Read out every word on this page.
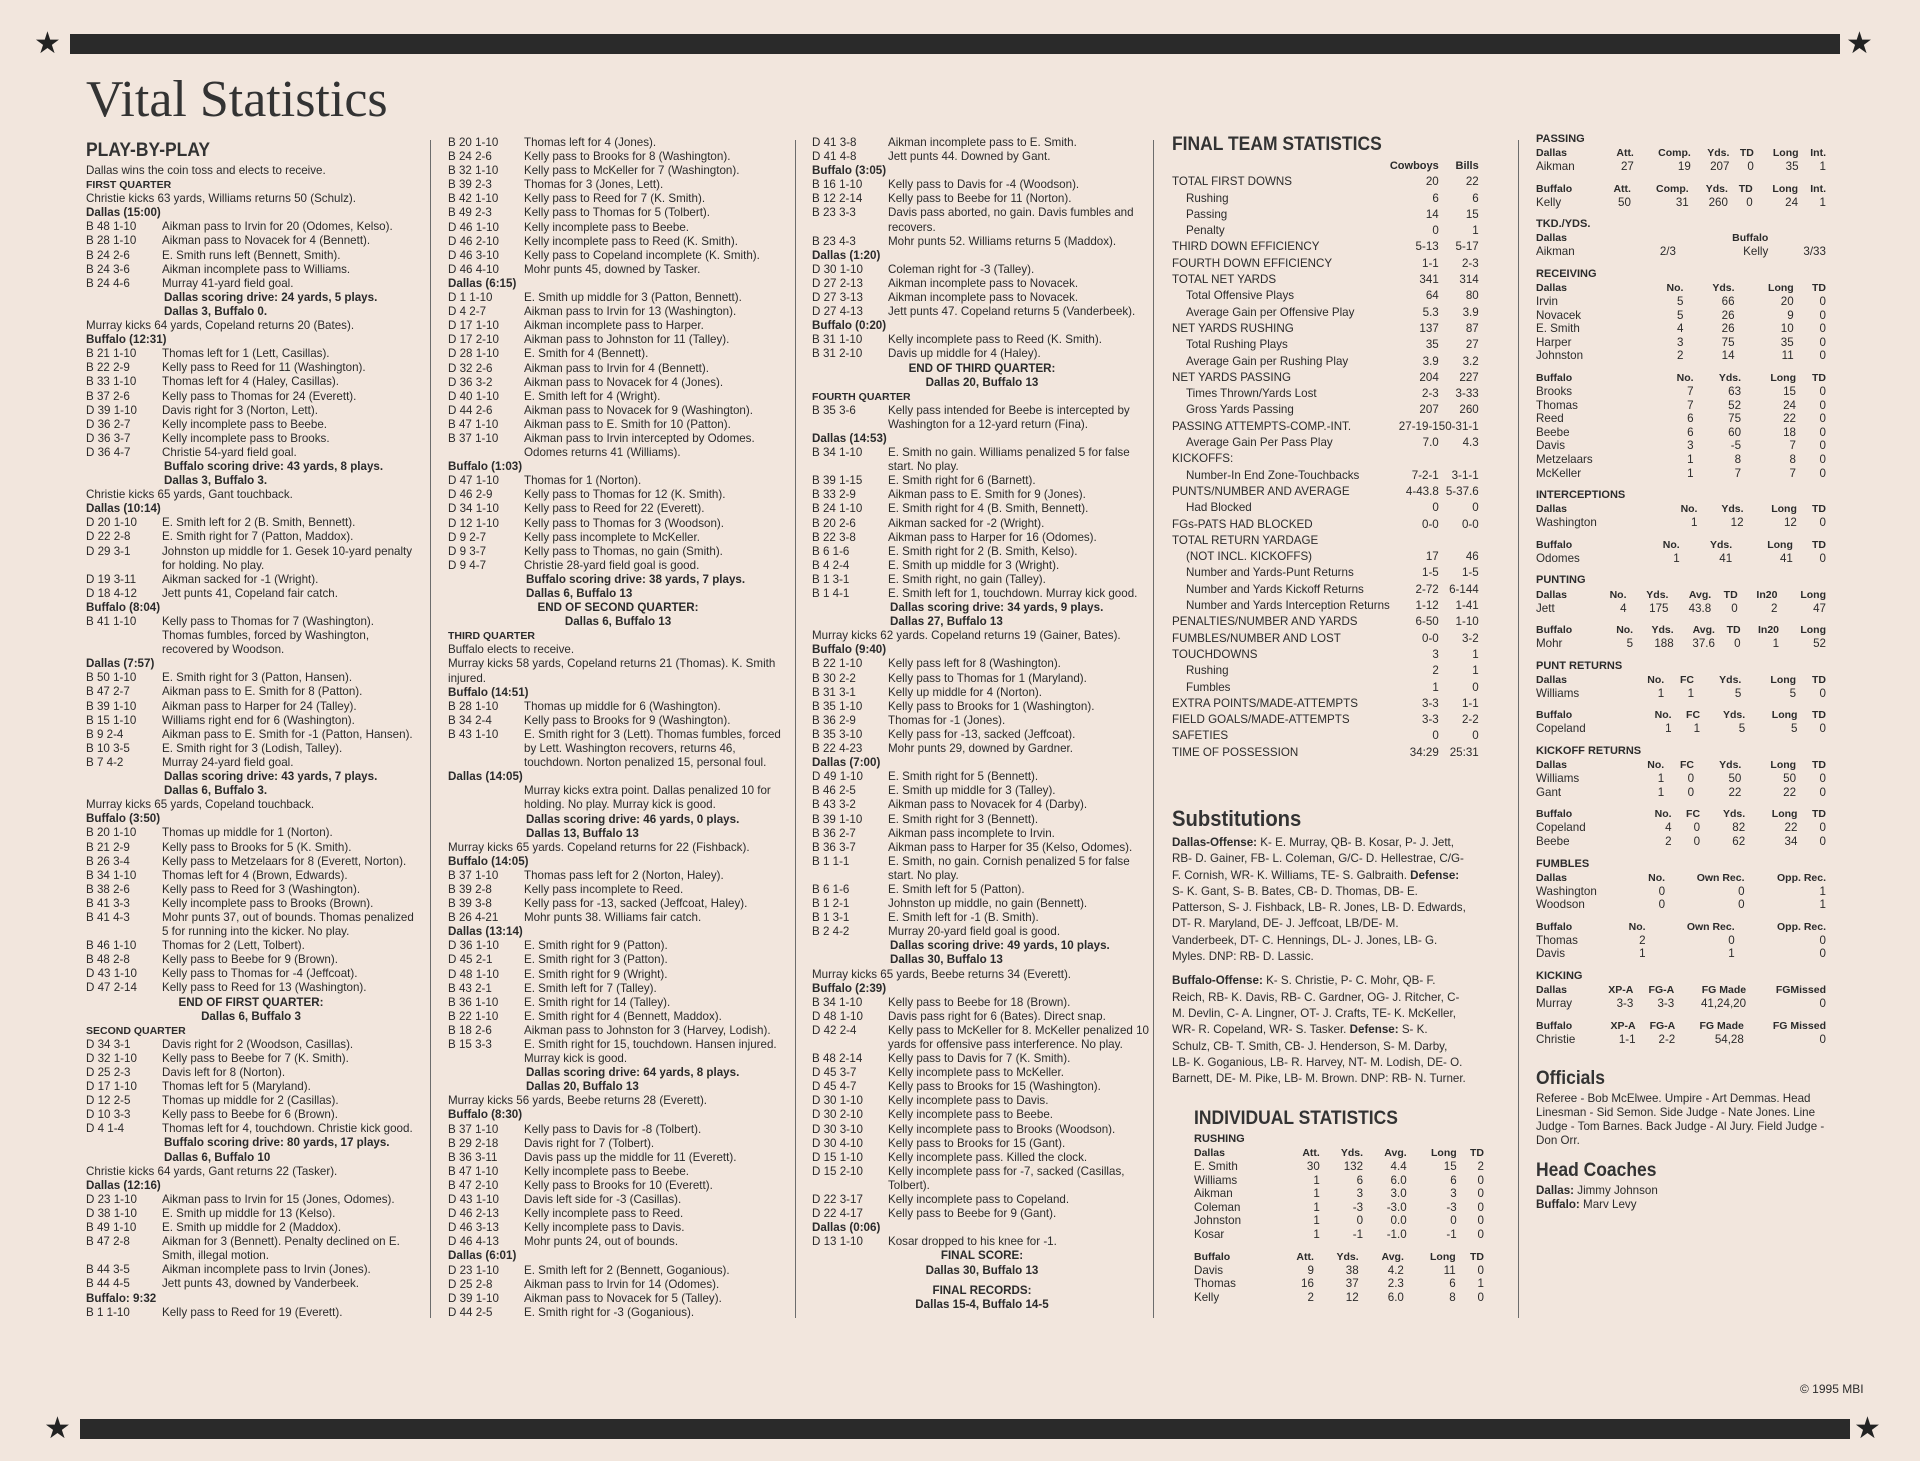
★	★
★	★
Vital Statistics
PLAY-BY-PLAY
Dallas wins the coin toss and elects to receive.
FIRST QUARTER
Christie kicks 63 yards, Williams returns 50 (Schulz).
Dallas (15:00)
B 48 1-10	Aikman pass to Irvin for 20 (Odomes, Kelso).
B 28 1-10	Aikman pass to Novacek for 4 (Bennett).
B 24 2-6	E. Smith runs left (Bennett, Smith).
B 24 3-6	Aikman incomplete pass to Williams.
B 24 4-6	Murray 41-yard field goal.
Dallas scoring drive: 24 yards, 5 plays.
Dallas 3, Buffalo 0.
Murray kicks 64 yards, Copeland returns 20 (Bates).
Buffalo (12:31)
B 21 1-10	Thomas left for 1 (Lett, Casillas).
B 22 2-9	Kelly pass to Reed for 11 (Washington).
B 33 1-10	Thomas left for 4 (Haley, Casillas).
B 37 2-6	Kelly pass to Thomas for 24 (Everett).
D 39 1-10	Davis right for 3 (Norton, Lett).
D 36 2-7	Kelly incomplete pass to Beebe.
D 36 3-7	Kelly incomplete pass to Brooks.
D 36 4-7	Christie 54-yard field goal.
Buffalo scoring drive: 43 yards, 8 plays.
Dallas 3, Buffalo 3.
Christie kicks 65 yards, Gant touchback.
Dallas (10:14)
D 20 1-10	E. Smith left for 2 (B. Smith, Bennett).
D 22 2-8	E. Smith right for 7 (Patton, Maddox).
D 29 3-1	Johnston up middle for 1. Gesek 10-yard penalty for holding. No play.
D 19 3-11	Aikman sacked for -1 (Wright).
D 18 4-12	Jett punts 41, Copeland fair catch.
Buffalo (8:04)
B 41 1-10	Kelly pass to Thomas for 7 (Washington). Thomas fumbles, forced by Washington, recovered by Woodson.
Dallas (7:57)
B 50 1-10	E. Smith right for 3 (Patton, Hansen).
B 47 2-7	Aikman pass to E. Smith for 8 (Patton).
B 39 1-10	Aikman pass to Harper for 24 (Talley).
B 15 1-10	Williams right end for 6 (Washington).
B 9 2-4	Aikman pass to E. Smith for -1 (Patton, Hansen).
B 10 3-5	E. Smith right for 3 (Lodish, Talley).
B 7 4-2	Murray 24-yard field goal.
Dallas scoring drive: 43 yards, 7 plays.
Dallas 6, Buffalo 3.
Murray kicks 65 yards, Copeland touchback.
Buffalo (3:50)
B 20 1-10	Thomas up middle for 1 (Norton).
B 21 2-9	Kelly pass to Brooks for 5 (K. Smith).
B 26 3-4	Kelly pass to Metzelaars for 8 (Everett, Norton).
B 34 1-10	Thomas left for 4 (Brown, Edwards).
B 38 2-6	Kelly pass to Reed for 3 (Washington).
B 41 3-3	Kelly incomplete pass to Brooks (Brown).
B 41 4-3	Mohr punts 37, out of bounds. Thomas penalized 5 for running into the kicker. No play.
B 46 1-10	Thomas for 2 (Lett, Tolbert).
B 48 2-8	Kelly pass to Beebe for 9 (Brown).
D 43 1-10	Kelly pass to Thomas for -4 (Jeffcoat).
D 47 2-14	Kelly pass to Reed for 13 (Washington).
END OF FIRST QUARTER:
Dallas 6, Buffalo 3
SECOND QUARTER
D 34 3-1	Davis right for 2 (Woodson, Casillas).
D 32 1-10	Kelly pass to Beebe for 7 (K. Smith).
D 25 2-3	Davis left for 8 (Norton).
D 17 1-10	Thomas left for 5 (Maryland).
D 12 2-5	Thomas up middle for 2 (Casillas).
D 10 3-3	Kelly pass to Beebe for 6 (Brown).
D 4 1-4	Thomas left for 4, touchdown. Christie kick good.
Buffalo scoring drive: 80 yards, 17 plays.
Dallas 6, Buffalo 10
Christie kicks 64 yards, Gant returns 22 (Tasker).
Dallas (12:16)
D 23 1-10	Aikman pass to Irvin for 15 (Jones, Odomes).
D 38 1-10	E. Smith up middle for 13 (Kelso).
B 49 1-10	E. Smith up middle for 2 (Maddox).
B 47 2-8	Aikman for 3 (Bennett). Penalty declined on E. Smith, illegal motion.
B 44 3-5	Aikman incomplete pass to Irvin (Jones).
B 44 4-5	Jett punts 43, downed by Vanderbeek.
Buffalo: 9:32
B 1 1-10	Kelly pass to Reed for 19 (Everett).
B 20 1-10	Thomas left for 4 (Jones).
B 24 2-6	Kelly pass to Brooks for 8 (Washington).
B 32 1-10	Kelly pass to McKeller for 7 (Washington).
B 39 2-3	Thomas for 3 (Jones, Lett).
B 42 1-10	Kelly pass to Reed for 7 (K. Smith).
B 49 2-3	Kelly pass to Thomas for 5 (Tolbert).
D 46 1-10	Kelly incomplete pass to Beebe.
D 46 2-10	Kelly incomplete pass to Reed (K. Smith).
D 46 3-10	Kelly pass to Copeland incomplete (K. Smith).
D 46 4-10	Mohr punts 45, downed by Tasker.
Dallas (6:15)
D 1 1-10	E. Smith up middle for 3 (Patton, Bennett).
D 4 2-7	Aikman pass to Irvin for 13 (Washington).
D 17 1-10	Aikman incomplete pass to Harper.
D 17 2-10	Aikman pass to Johnston for 11 (Talley).
D 28 1-10	E. Smith for 4 (Bennett).
D 32 2-6	Aikman pass to Irvin for 4 (Bennett).
D 36 3-2	Aikman pass to Novacek for 4 (Jones).
D 40 1-10	E. Smith left for 4 (Wright).
D 44 2-6	Aikman pass to Novacek for 9 (Washington).
B 47 1-10	Aikman pass to E. Smith for 10 (Patton).
B 37 1-10	Aikman pass to Irvin intercepted by Odomes. Odomes returns 41 (Williams).
Buffalo (1:03)
D 47 1-10	Thomas for 1 (Norton).
D 46 2-9	Kelly pass to Thomas for 12 (K. Smith).
D 34 1-10	Kelly pass to Reed for 22 (Everett).
D 12 1-10	Kelly pass to Thomas for 3 (Woodson).
D 9 2-7	Kelly pass incomplete to McKeller.
D 9 3-7	Kelly pass to Thomas, no gain (Smith).
D 9 4-7	Christie 28-yard field goal is good.
Buffalo scoring drive: 38 yards, 7 plays.
Dallas 6, Buffalo 13
END OF SECOND QUARTER:
Dallas 6, Buffalo 13
THIRD QUARTER
Buffalo elects to receive.
Murray kicks 58 yards, Copeland returns 21 (Thomas). K. Smith injured.
Buffalo (14:51)
B 28 1-10	Thomas up middle for 6 (Washington).
B 34 2-4	Kelly pass to Brooks for 9 (Washington).
B 43 1-10	E. Smith right for 3 (Lett). Thomas fumbles, forced by Lett. Washington recovers, returns 46, touchdown. Norton penalized 15, personal foul.
Dallas (14:05)
Murray kicks extra point. Dallas penalized 10 for holding. No play. Murray kick is good.
Dallas scoring drive: 46 yards, 0 plays.
Dallas 13, Buffalo 13
Murray kicks 65 yards. Copeland returns for 22 (Fishback).
Buffalo (14:05)
B 37 1-10	Thomas pass left for 2 (Norton, Haley).
B 39 2-8	Kelly pass incomplete to Reed.
B 39 3-8	Kelly pass for -13, sacked (Jeffcoat, Haley).
B 26 4-21	Mohr punts 38. Williams fair catch.
Dallas (13:14)
D 36 1-10	E. Smith right for 9 (Patton).
D 45 2-1	E. Smith right for 3 (Patton).
D 48 1-10	E. Smith right for 9 (Wright).
B 43 2-1	E. Smith left for 7 (Talley).
B 36 1-10	E. Smith right for 14 (Talley).
B 22 1-10	E. Smith right for 4 (Bennett, Maddox).
B 18 2-6	Aikman pass to Johnston for 3 (Harvey, Lodish).
B 15 3-3	E. Smith right for 15, touchdown. Hansen injured. Murray kick is good.
Dallas scoring drive: 64 yards, 8 plays.
Dallas 20, Buffalo 13
Murray kicks 56 yards, Beebe returns 28 (Everett).
Buffalo (8:30)
B 37 1-10	Kelly pass to Davis for -8 (Tolbert).
B 29 2-18	Davis right for 7 (Tolbert).
B 36 3-11	Davis pass up the middle for 11 (Everett).
B 47 1-10	Kelly incomplete pass to Beebe.
B 47 2-10	Kelly pass to Brooks for 10 (Everett).
D 43 1-10	Davis left side for -3 (Casillas).
D 46 2-13	Kelly incomplete pass to Reed.
D 46 3-13	Kelly incomplete pass to Davis.
D 46 4-13	Mohr punts 24, out of bounds.
Dallas (6:01)
D 23 1-10	E. Smith left for 2 (Bennett, Goganious).
D 25 2-8	Aikman pass to Irvin for 14 (Odomes).
D 39 1-10	Aikman pass to Novacek for 5 (Talley).
D 44 2-5	E. Smith right for -3 (Goganious).
D 41 3-8	Aikman incomplete pass to E. Smith.
D 41 4-8	Jett punts 44. Downed by Gant.
Buffalo (3:05)
B 16 1-10	Kelly pass to Davis for -4 (Woodson).
B 12 2-14	Kelly pass to Beebe for 11 (Norton).
B 23 3-3	Davis pass aborted, no gain. Davis fumbles and recovers.
B 23 4-3	Mohr punts 52. Williams returns 5 (Maddox).
Dallas (1:20)
D 30 1-10	Coleman right for -3 (Talley).
D 27 2-13	Aikman incomplete pass to Novacek.
D 27 3-13	Aikman incomplete pass to Novacek.
D 27 4-13	Jett punts 47. Copeland returns 5 (Vanderbeek).
Buffalo (0:20)
B 31 1-10	Kelly incomplete pass to Reed (K. Smith).
B 31 2-10	Davis up middle for 4 (Haley).
END OF THIRD QUARTER:
Dallas 20, Buffalo 13
FOURTH QUARTER
B 35 3-6	Kelly pass intended for Beebe is intercepted by Washington for a 12-yard return (Fina).
Dallas (14:53)
B 34 1-10	E. Smith no gain. Williams penalized 5 for false start. No play.
B 39 1-15	E. Smith right for 6 (Barnett).
B 33 2-9	Aikman pass to E. Smith for 9 (Jones).
B 24 1-10	E. Smith right for 4 (B. Smith, Bennett).
B 20 2-6	Aikman sacked for -2 (Wright).
B 22 3-8	Aikman pass to Harper for 16 (Odomes).
B 6 1-6	E. Smith right for 2 (B. Smith, Kelso).
B 4 2-4	E. Smith up middle for 3 (Wright).
B 1 3-1	E. Smith right, no gain (Talley).
B 1 4-1	E. Smith left for 1, touchdown. Murray kick good.
Dallas scoring drive: 34 yards, 9 plays.
Dallas 27, Buffalo 13
Murray kicks 62 yards. Copeland returns 19 (Gainer, Bates).
Buffalo (9:40)
B 22 1-10	Kelly pass left for 8 (Washington).
B 30 2-2	Kelly pass to Thomas for 1 (Maryland).
B 31 3-1	Kelly up middle for 4 (Norton).
B 35 1-10	Kelly pass to Brooks for 1 (Washington).
B 36 2-9	Thomas for -1 (Jones).
B 35 3-10	Kelly pass for -13, sacked (Jeffcoat).
B 22 4-23	Mohr punts 29, downed by Gardner.
Dallas (7:00)
D 49 1-10	E. Smith right for 5 (Bennett).
B 46 2-5	E. Smith up middle for 3 (Talley).
B 43 3-2	Aikman pass to Novacek for 4 (Darby).
B 39 1-10	E. Smith right for 3 (Bennett).
B 36 2-7	Aikman pass incomplete to Irvin.
B 36 3-7	Aikman pass to Harper for 35 (Kelso, Odomes).
B 1 1-1	E. Smith, no gain. Cornish penalized 5 for false start. No play.
B 6 1-6	E. Smith left for 5 (Patton).
B 1 2-1	Johnston up middle, no gain (Bennett).
B 1 3-1	E. Smith left for -1 (B. Smith).
B 2 4-2	Murray 20-yard field goal is good.
Dallas scoring drive: 49 yards, 10 plays.
Dallas 30, Buffalo 13
Murray kicks 65 yards, Beebe returns 34 (Everett).
Buffalo (2:39)
B 34 1-10	Kelly pass to Beebe for 18 (Brown).
D 48 1-10	Davis pass right for 6 (Bates). Direct snap.
D 42 2-4	Kelly pass to McKeller for 8. McKeller penalized 10 yards for offensive pass interference. No play.
B 48 2-14	Kelly pass to Davis for 7 (K. Smith).
D 45 3-7	Kelly incomplete pass to McKeller.
D 45 4-7	Kelly pass to Brooks for 15 (Washington).
D 30 1-10	Kelly incomplete pass to Davis.
D 30 2-10	Kelly incomplete pass to Beebe.
D 30 3-10	Kelly incomplete pass to Brooks (Woodson).
D 30 4-10	Kelly pass to Brooks for 15 (Gant).
D 15 1-10	Kelly incomplete pass. Killed the clock.
D 15 2-10	Kelly incomplete pass for -7, sacked (Casillas, Tolbert).
D 22 3-17	Kelly incomplete pass to Copeland.
D 22 4-17	Kelly pass to Beebe for 9 (Gant).
Dallas (0:06)
D 13 1-10	Kosar dropped to his knee for -1.
FINAL SCORE:
Dallas 30, Buffalo 13
FINAL RECORDS:
Dallas 15-4, Buffalo 14-5
FINAL TEAM STATISTICS
	Cowboys	Bills
TOTAL FIRST DOWNS	20	22
Rushing	6	6
Passing	14	15
Penalty	0	1
THIRD DOWN EFFICIENCY	5-13	5-17
FOURTH DOWN EFFICIENCY	1-1	2-3
TOTAL NET YARDS	341	314
Total Offensive Plays	64	80
Average Gain per Offensive Play	5.3	3.9
NET YARDS RUSHING	137	87
Total Rushing Plays	35	27
Average Gain per Rushing Play	3.9	3.2
NET YARDS PASSING	204	227
Times Thrown/Yards Lost	2-3	3-33
Gross Yards Passing	207	260
PASSING ATTEMPTS-COMP.-INT.	27-19-1	50-31-1
Average Gain Per Pass Play	7.0	4.3
KICKOFFS:		
Number-In End Zone-Touchbacks	7-2-1	3-1-1
PUNTS/NUMBER AND AVERAGE	4-43.8	5-37.6
Had Blocked	0	0
FGs-PATS HAD BLOCKED	0-0	0-0
TOTAL RETURN YARDAGE		
(NOT INCL. KICKOFFS)	17	46
Number and Yards-Punt Returns	1-5	1-5
Number and Yards Kickoff Returns	2-72	6-144
Number and Yards Interception Returns	1-12	1-41
PENALTIES/NUMBER AND YARDS	6-50	1-10
FUMBLES/NUMBER AND LOST	0-0	3-2
TOUCHDOWNS	3	1
Rushing	2	1
Fumbles	1	0
EXTRA POINTS/MADE-ATTEMPTS	3-3	1-1
FIELD GOALS/MADE-ATTEMPTS	3-3	2-2
SAFETIES	0	0
TIME OF POSSESSION	34:29	25:31
Substitutions
Dallas-Offense: K- E. Murray, QB- B. Kosar, P- J. Jett, RB- D. Gainer, FB- L. Coleman, G/C- D. Hellestrae, C/G- F. Cornish, WR- K. Williams, TE- S. Galbraith. Defense: S- K. Gant, S- B. Bates, CB- D. Thomas, DB- E. Patterson, S- J. Fishback, LB- R. Jones, LB- D. Edwards, DT- R. Maryland, DE- J. Jeffcoat, LB/DE- M. Vanderbeek, DT- C. Hennings, DL- J. Jones, LB- G. Myles. DNP: RB- D. Lassic.
Buffalo-Offense: K- S. Christie, P- C. Mohr, QB- F. Reich, RB- K. Davis, RB- C. Gardner, OG- J. Ritcher, C- M. Devlin, C- A. Lingner, OT- J. Crafts, TE- K. McKeller, WR- R. Copeland, WR- S. Tasker. Defense: S- K. Schulz, CB- T. Smith, CB- J. Henderson, S- M. Darby, LB- K. Goganious, LB- R. Harvey, NT- M. Lodish, DE- O. Barnett, DE- M. Pike, LB- M. Brown. DNP: RB- N. Turner.
INDIVIDUAL STATISTICS
RUSHING
Dallas	Att.	Yds.	Avg.	Long	TD
E. Smith	30	132	4.4	15	2
Williams	1	6	6.0	6	0
Aikman	1	3	3.0	3	0
Coleman	1	-3	-3.0	-3	0
Johnston	1	0	0.0	0	0
Kosar	1	-1	-1.0	-1	0
Buffalo	Att.	Yds.	Avg.	Long	TD
Davis	9	38	4.2	11	0
Thomas	16	37	2.3	6	1
Kelly	2	12	6.0	8	0
PASSING
Dallas	Att.	Comp.	Yds.	TD	Long	Int.
Aikman	27	19	207	0	35	1
Buffalo	Att.	Comp.	Yds.	TD	Long	Int.
Kelly	50	31	260	0	24	1
TKD./YDS.
Dallas			Buffalo			
Aikman	2/3		Kelly	3/33		
RECEIVING
Dallas	No.	Yds.	Long	TD
Irvin	5	66	20	0
Novacek	5	26	9	0
E. Smith	4	26	10	0
Harper	3	75	35	0
Johnston	2	14	11	0
Buffalo	No.	Yds.	Long	TD
Brooks	7	63	15	0
Thomas	7	52	24	0
Reed	6	75	22	0
Beebe	6	60	18	0
Davis	3	-5	7	0
Metzelaars	1	8	8	0
McKeller	1	7	7	0
INTERCEPTIONS
Dallas	No.	Yds.	Long	TD
Washington	1	12	12	0
Buffalo	No.	Yds.	Long	TD
Odomes	1	41	41	0
PUNTING
Dallas	No.	Yds.	Avg.	TD	In20	Long
Jett	4	175	43.8	0	2	47
Buffalo	No.	Yds.	Avg.	TD	In20	Long
Mohr	5	188	37.6	0	1	52
PUNT RETURNS
Dallas	No.	FC	Yds.	Long	TD
Williams	1	1	5	5	0
Buffalo	No.	FC	Yds.	Long	TD
Copeland	1	1	5	5	0
KICKOFF RETURNS
Dallas	No.	FC	Yds.	Long	TD
Williams	1	0	50	50	0
Gant	1	0	22	22	0
Buffalo	No.	FC	Yds.	Long	TD
Copeland	4	0	82	22	0
Beebe	2	0	62	34	0
FUMBLES
Dallas	No.	Own Rec.	Opp. Rec.
Washington	0	0	1
Woodson	0	0	1
Buffalo	No.	Own Rec.	Opp. Rec.
Thomas	2	0	0
Davis	1	1	0
KICKING
Dallas	XP-A	FG-A	FG Made	FGMissed
Murray	3-3	3-3	41,24,20	0
Buffalo	XP-A	FG-A	FG Made	FG Missed
Christie	1-1	2-2	54,28	0
Officials
Referee - Bob McElwee. Umpire - Art Demmas. Head Linesman - Sid Semon. Side Judge - Nate Jones. Line Judge - Tom Barnes. Back Judge - Al Jury. Field Judge - Don Orr.
Head Coaches
Dallas: Jimmy Johnson
Buffalo: Marv Levy
© 1995 MBI
